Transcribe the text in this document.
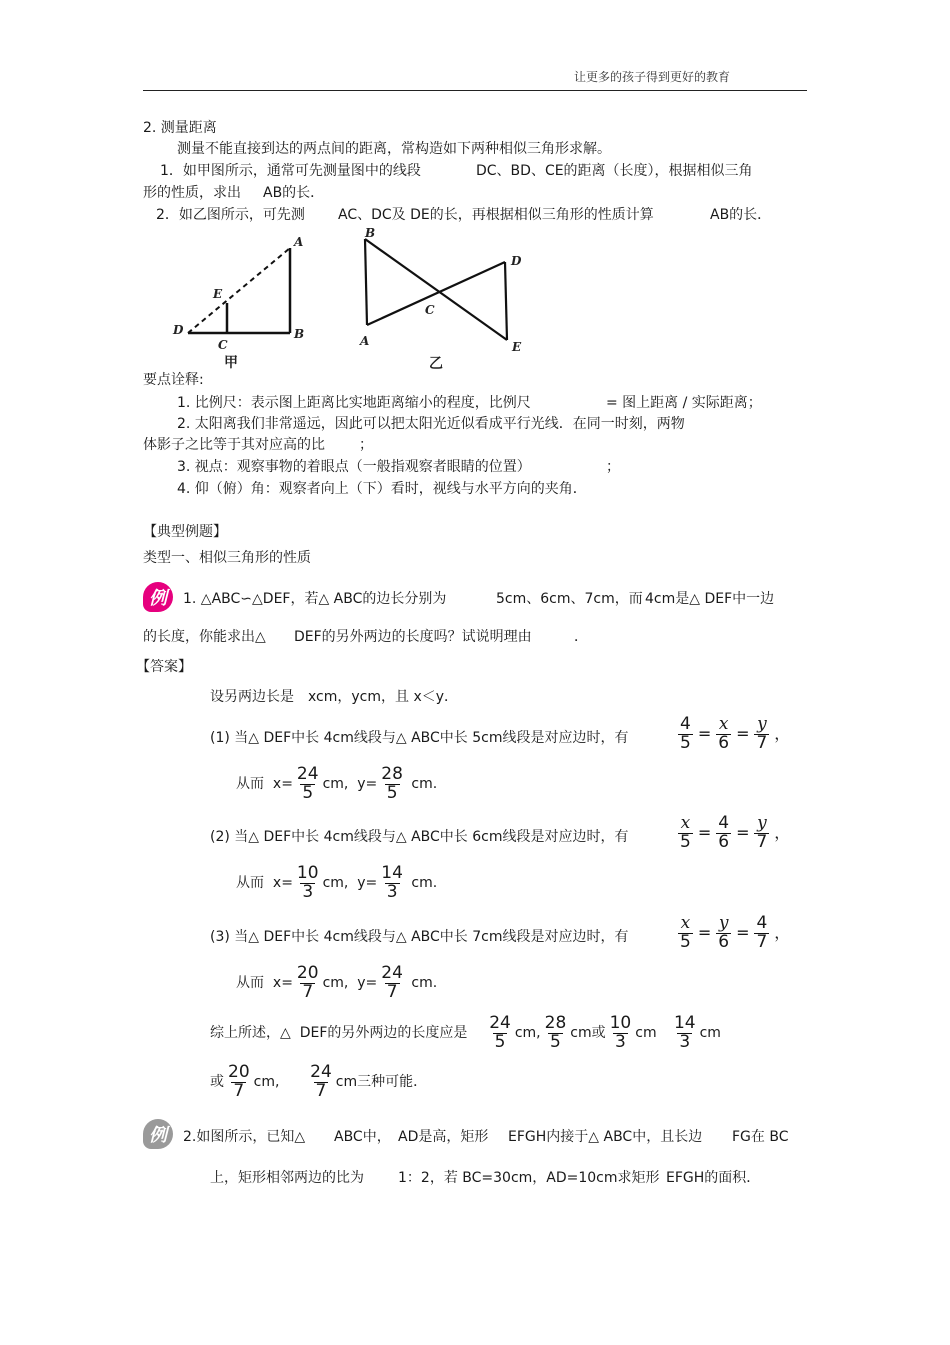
让更多的孩子得到更好的教育
2. 测量距离
测量不能直接到达的两点间的距离，常构造如下两种相似三角形求解。
1．如甲图所示，通常可先测量图中的线段	DC、BD、CE的距离（长度），根据相似三角
形的性质，求出 AB的长．
2．如乙图所示，可先测 AC、DC及 DE的长，再根据相似三角形的性质计算	AB的长．
A
E
D
C
B
甲
B
D
C
A	E
乙
要点诠释:
1. 比例尺：表示图上距离比实地距离缩小的程度，比例尺	= 图上距离 / 实际距离；
2. 太阳离我们非常遥远，因此可以把太阳光近似看成平行光线．在同一时刻，两物
体影子之比等于其对应高的比 ；
3. 视点：观察事物的着眼点（一般指观察者眼睛的位置）	；
4. 仰（俯）角：观察者向上（下）看时，视线与水平方向的夹角．
【典型例题】
类型一、相似三角形的性质
例	1. △ABC∽△DEF，若△ ABC的边长分别为	5cm、6cm、7cm，而 4cm是△ DEF中一边
的长度，你能求出△ DEF的另外两边的长度吗？试说明理由	．
【答案】
设另两边长是　xcm，ycm，且 x＜y．
(1) 当△ DEF中长 4cm线段与△ ABC中长 5cm线段是对应边时，有	$\frac{4}{5} = \frac{x}{6} = \frac{y}{7}$ ，
从而
$x= \frac{24}{5}$ cm,
$y= \frac{28}{5}$
cm.
(2) 当△ DEF中长 4cm线段与△ ABC中长 6cm线段是对应边时，有	$\frac{x}{5} = \frac{4}{6} = \frac{y}{7}$ ，
从而
$x= \frac{10}{3}$ cm,
$y= \frac{14}{3}$
cm.
(3) 当△ DEF中长 4cm线段与△ ABC中长 7cm线段是对应边时，有	$\frac{x}{5} = \frac{y}{6} = \frac{4}{7}$ ，
从而
$x= \frac{20}{7}$ cm,
$y= \frac{24}{7}$
cm.
综上所述，△
DEF的另外两边的长度应是
$\frac{24}{5}$ cm, $\frac{28}{5}$ cm或 $\frac{10}{3}$ cm
$\frac{14}{3}$ cm
或 $\frac{20}{7}$ cm,
$\frac{24}{7}$ cm三种可能．
例	2.如图所示，已知△ ABC中， AD是高，矩形 EFGH内接于△ ABC中，且长边 FG在 BC
上，矩形相邻两边的比为 1：2，若 BC=30cm，AD=10cm求矩形 EFGH的面积．
